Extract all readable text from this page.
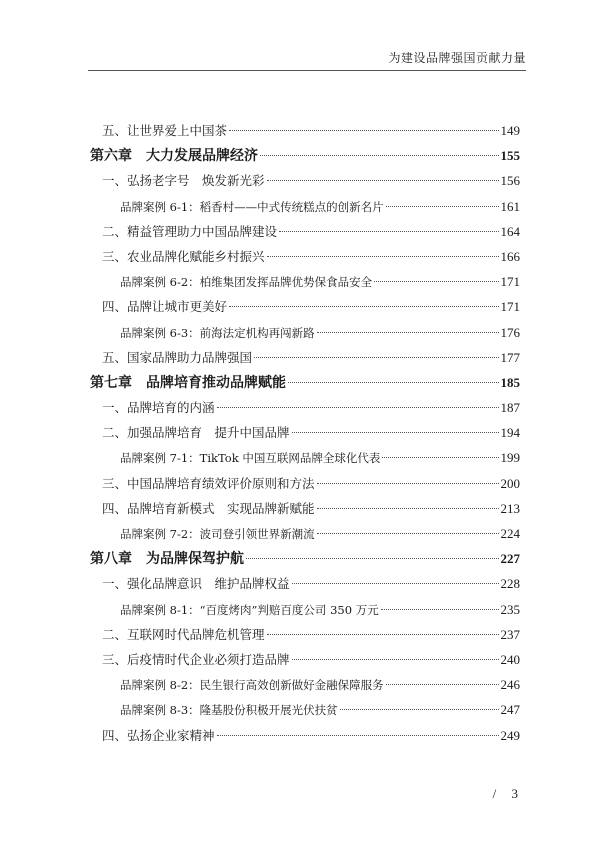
为建设品牌强国贡献力量
五、让世界爱上中国茶	149
第六章　大力发展品牌经济	155
一、弘扬老字号　焕发新光彩	156
品牌案例 6-1：稻香村——中式传统糕点的创新名片	161
二、精益管理助力中国品牌建设	164
三、农业品牌化赋能乡村振兴	166
品牌案例 6-2：柏维集团发挥品牌优势保食品安全	171
四、品牌让城市更美好	171
品牌案例 6-3：前海法定机构再闯新路	176
五、国家品牌助力品牌强国	177
第七章　品牌培育推动品牌赋能	185
一、品牌培育的内涵	187
二、加强品牌培育　提升中国品牌	194
品牌案例 7-1：TikTok 中国互联网品牌全球化代表	199
三、中国品牌培育绩效评价原则和方法	200
四、品牌培育新模式　实现品牌新赋能	213
品牌案例 7-2：波司登引领世界新潮流	224
第八章　为品牌保驾护航	227
一、强化品牌意识　维护品牌权益	228
品牌案例 8-1：“百度烤肉”判赔百度公司 350 万元	235
二、互联网时代品牌危机管理	237
三、后疫情时代企业必须打造品牌	240
品牌案例 8-2：民生银行高效创新做好金融保障服务	246
品牌案例 8-3：隆基股份积极开展光伏扶贫	247
四、弘扬企业家精神	249
/ 3
